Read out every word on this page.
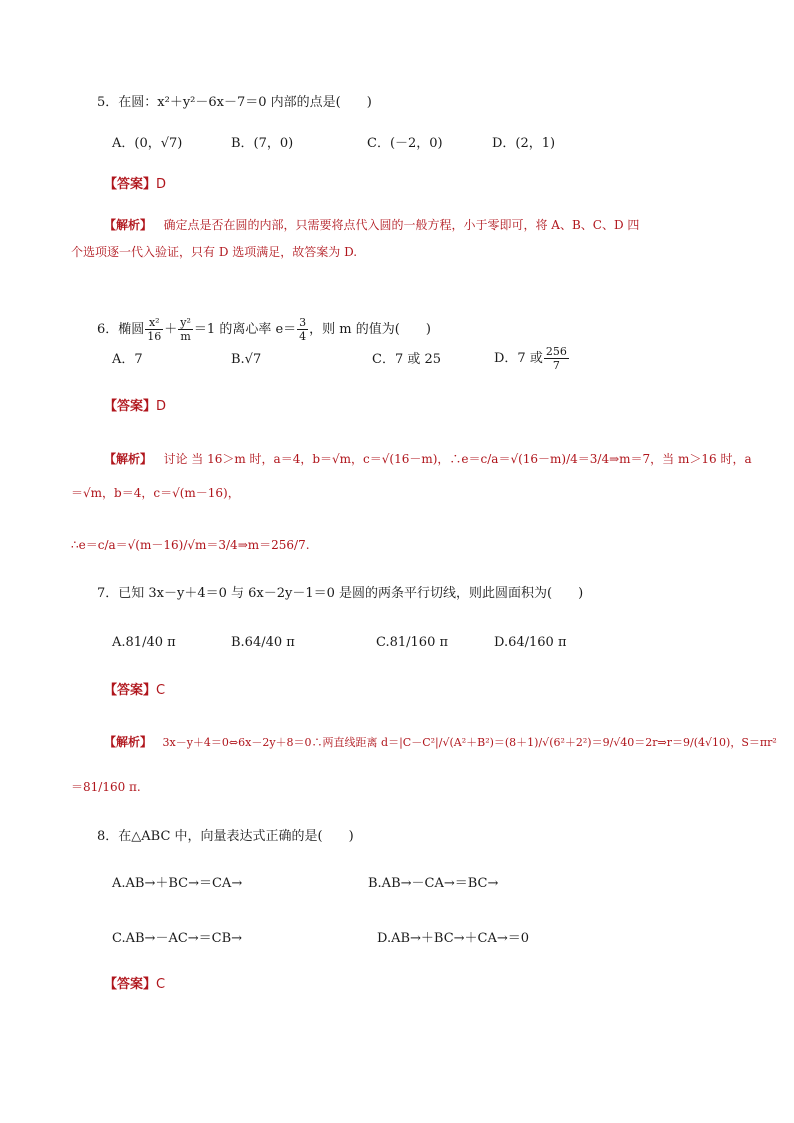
5．在圆：x²＋y²－6x－7＝0 内部的点是(　　)
A．(0，√7)	B．(7，0)	C．(－2，0)	D．(2，1)
【答案】D
【解析】 确定点是否在圆的内部，只需要将点代入圆的一般方程，小于零即可，将 A、B、C、D 四
个选项逐一代入验证，只有 D 选项满足，故答案为 D.
6．椭圆 $\frac{\text{x²}}{16} + \frac{\text{y²}}{m} =1$ 的离心率 $e= \frac{3}{4}$ ，则 m 的值为(　　)
A．7	B.√7	C．7 或 25	D．7 或 $\frac{256}{7}$
【答案】D
【解析】 讨论 当 16＞m 时，a＝4，b＝√m，c＝√(16－m)，∴e＝c/a＝√(16－m)/4＝3/4⇒m＝7，当 m＞16 时，a
＝√m，b＝4，c＝√(m－16)，
∴e＝c/a＝√(m－16)/√m＝3/4⇒m＝256/7.
7．已知 3x－y＋4＝0 与 6x－2y－1＝0 是圆的两条平行切线，则此圆面积为(　　)
A.81/40 π	B.64/40 π	C.81/160 π	D.64/160 π
【答案】C
【解析】 3x－y＋4＝0⇔6x－2y＋8＝0∴两直线距离 d＝|C－C²|/√(A²＋B²)＝(8＋1)/√(6²＋2²)＝9/√40＝2r⇒r＝9/(4√10)，S＝πr²
＝81/160 π.
8．在△ABC 中，向量表达式正确的是(　　)
A.AB→＋BC→＝CA→	B.AB→－CA→＝BC→
C.AB→－AC→＝CB→	D.AB→＋BC→＋CA→＝0
【答案】C
